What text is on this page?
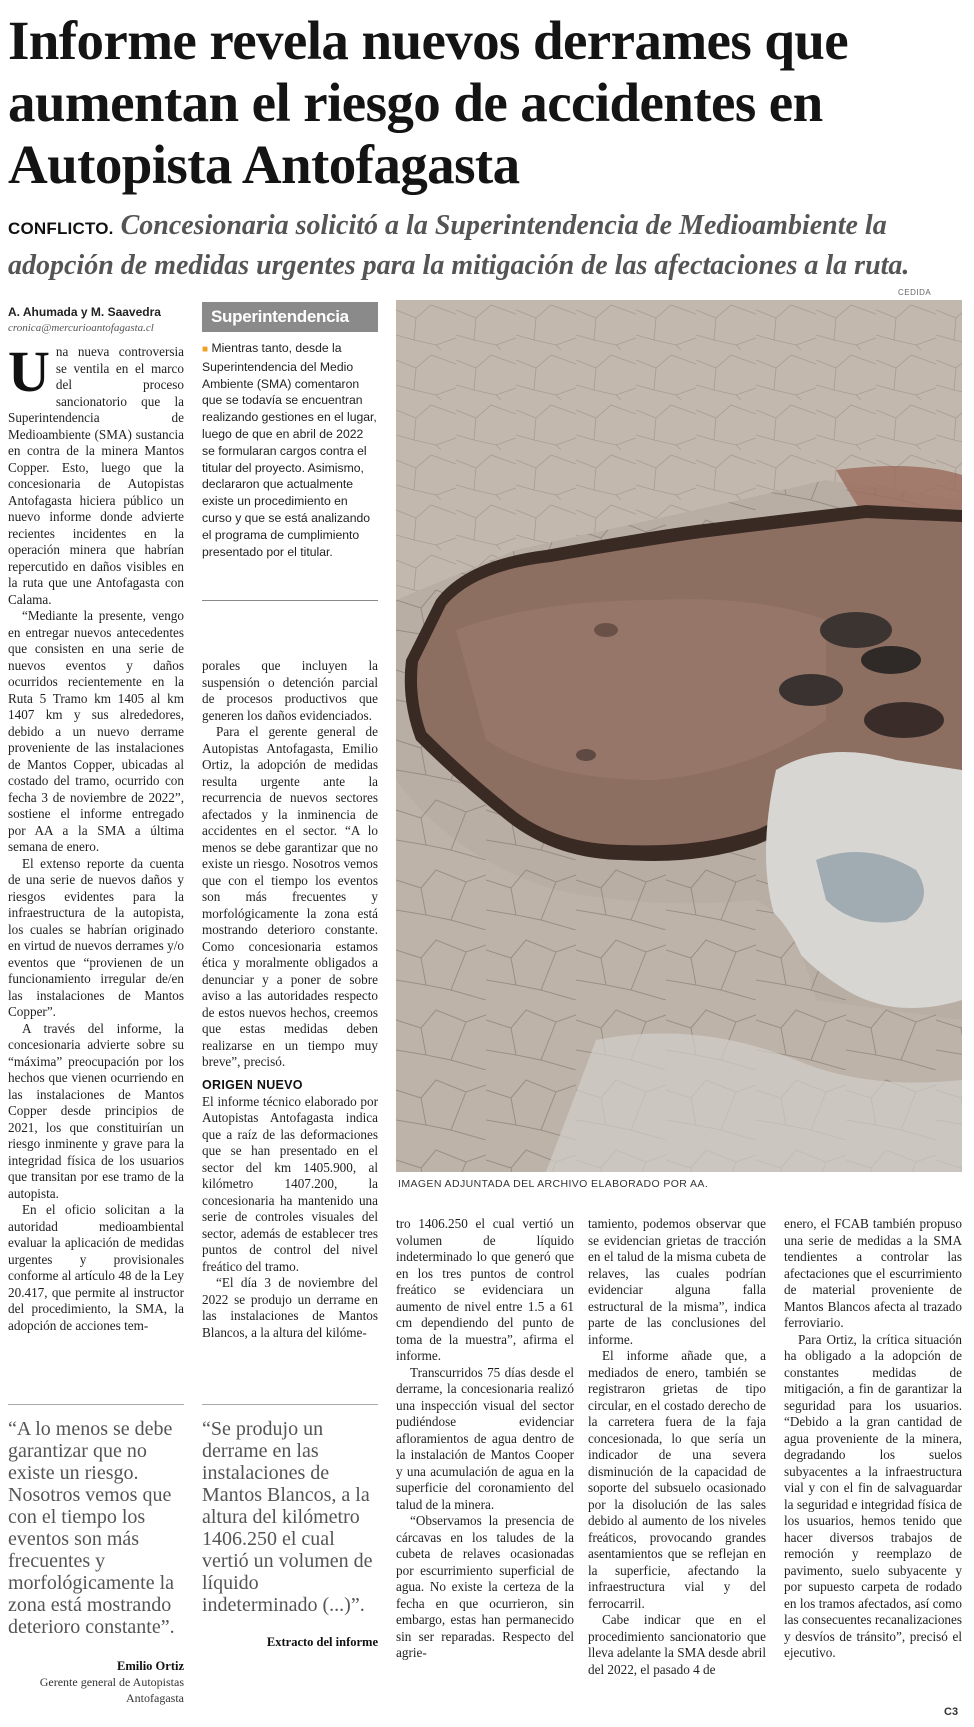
Informe revela nuevos derrames que aumentan el riesgo de accidentes en Autopista Antofagasta
CONFLICTO. Concesionaria solicitó a la Superintendencia de Medioambiente la adopción de medidas urgentes para la mitigación de las afectaciones a la ruta.
A. Ahumada y M. Saavedra
cronica@mercurioantofagasta.cl

Una nueva controversia se ventila en el marco del proceso sancionatorio que la Superintendencia de Medioambiente (SMA) sustancia en contra de la minera Mantos Copper. Esto, luego que la concesionaria de Autopistas Antofagasta hiciera público un nuevo informe donde advierte recientes incidentes en la operación minera que habrían repercutido en daños visibles en la ruta que une Antofagasta con Calama.

“Mediante la presente, vengo en entregar nuevos antecedentes que consisten en una serie de nuevos eventos y daños ocurridos recientemente en la Ruta 5 Tramo km 1405 al km 1407 km y sus alrededores, debido a un nuevo derrame proveniente de las instalaciones de Mantos Copper, ubicadas al costado del tramo, ocurrido con fecha 3 de noviembre de 2022”, sostiene el informe entregado por AA a la SMA a última semana de enero.

El extenso reporte da cuenta de una serie de nuevos daños y riesgos evidentes para la infraestructura de la autopista, los cuales se habrían originado en virtud de nuevos derrames y/o eventos que “provienen de un funcionamiento irregular de/en las instalaciones de Mantos Copper”.

A través del informe, la concesionaria advierte sobre su “máxima” preocupación por los hechos que vienen ocurriendo en las instalaciones de Mantos Copper desde principios de 2021, los que constituirían un riesgo inminente y grave para la integridad física de los usuarios que transitan por ese tramo de la autopista.

En el oficio solicitan a la autoridad medioambiental evaluar la aplicación de medidas urgentes y provisionales conforme al artículo 48 de la Ley 20.417, que permite al instructor del procedimiento, la SMA, la adopción de acciones tem-

Superintendencia
■ Mientras tanto, desde la Superintendencia del Medio Ambiente (SMA) comentaron que se todavía se encuentran realizando gestiones en el lugar, luego de que en abril de 2022 se formularan cargos contra el titular del proyecto. Asimismo, declararon que actualmente existe un procedimiento en curso y que se está analizando el programa de cumplimiento presentado por el titular.

porales que incluyen la suspensión o detención parcial de procesos productivos que generen los daños evidenciados.

Para el gerente general de Autopistas Antofagasta, Emilio Ortiz, la adopción de medidas resulta urgente ante la recurrencia de nuevos sectores afectados y la inminencia de accidentes en el sector. “A lo menos se debe garantizar que no existe un riesgo. Nosotros vemos que con el tiempo los eventos son más frecuentes y morfológicamente la zona está mostrando deterioro constante. Como concesionaria estamos ética y moralmente obligados a denunciar y a poner de sobre aviso a las autoridades respecto de estos nuevos hechos, creemos que estas medidas deben realizarse en un tiempo muy breve”, precisó.

ORIGEN NUEVO

El informe técnico elaborado por Autopistas Antofagasta indica que a raíz de las deformaciones que se han presentado en el sector del km 1405.900, al kilómetro 1407.200, la concesionaria ha mantenido una serie de controles visuales del sector, además de establecer tres puntos de control del nivel freático del tramo.

“El día 3 de noviembre del 2022 se produjo un derrame en las instalaciones de Mantos Blancos, a la altura del kilóme-

CEDIDA
IMAGEN ADJUNTADA DEL ARCHIVO ELABORADO POR AA.

tro 1406.250 el cual vertió un volumen de líquido indeterminado lo que generó que en los tres puntos de control freático se evidenciara un aumento de nivel entre 1.5 a 61 cm dependiendo del punto de toma de la muestra”, afirma el informe.

Transcurridos 75 días desde el derrame, la concesionaria realizó una inspección visual del sector pudiéndose evidenciar afloramientos de agua dentro de la instalación de Mantos Cooper y una acumulación de agua en la superficie del coronamiento del talud de la minera.

“Observamos la presencia de cárcavas en los taludes de la cubeta de relaves ocasionadas por escurrimiento superficial de agua. No existe la certeza de la fecha en que ocurrieron, sin embargo, estas han permanecido sin ser reparadas. Respecto del agrie-

tamiento, podemos observar que se evidencian grietas de tracción en el talud de la misma cubeta de relaves, las cuales podrían evidenciar alguna falla estructural de la misma”, indica parte de las conclusiones del informe.

El informe añade que, a mediados de enero, también se registraron grietas de tipo circular, en el costado derecho de la carretera fuera de la faja concesionada, lo que sería un indicador de una severa disminución de la capacidad de soporte del subsuelo ocasionado por la disolución de las sales debido al aumento de los niveles freáticos, provocando grandes asentamientos que se reflejan en la superficie, afectando la infraestructura vial y del ferrocarril.

Cabe indicar que en el procedimiento sancionatorio que lleva adelante la SMA desde abril del 2022, el pasado 4 de

enero, el FCAB también propuso una serie de medidas a la SMA tendientes a controlar las afectaciones que el escurrimiento de material proveniente de Mantos Blancos afecta al trazado ferroviario.

Para Ortiz, la crítica situación ha obligado a la adopción de constantes medidas de mitigación, a fin de garantizar la seguridad para los usuarios. “Debido a la gran cantidad de agua proveniente de la minera, degradando los suelos subyacentes a la infraestructura vial y con el fin de salvaguardar la seguridad e integridad física de los usuarios, hemos tenido que hacer diversos trabajos de remoción y reemplazo de pavimento, suelo subyacente y por supuesto carpeta de rodado en los tramos afectados, así como las consecuentes recanalizaciones y desvíos de tránsito”, precisó el ejecutivo.

“A lo menos se debe garantizar que no existe un riesgo. Nosotros vemos que con el tiempo los eventos son más frecuentes y morfológicamente la zona está mostrando deterioro constante”.
Emilio Ortiz
Gerente general de Autopistas Antofagasta
“Se produjo un derrame en las instalaciones de Mantos Blancos, a la altura del kilómetro 1406.250 el cual vertió un volumen de líquido indeterminado (...)”.
Extracto del informe
C3
